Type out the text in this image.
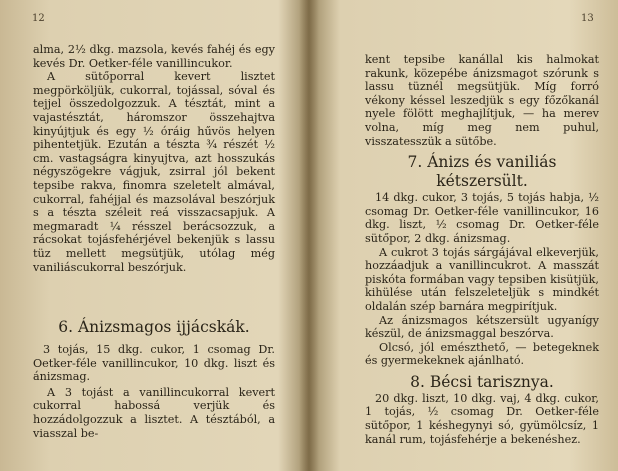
12

alma, 2½ dkg. mazsola, kevés fahéj és egy kevés Dr. Oetker-féle vanillincukor.

A sütőporral kevert lisztet megpörköljük, cukorral, tojással, sóval és tejjel összedolgozzuk. A tésztát, mint a vajastésztát, háromszor összehajtva kinyújtjuk és egy ½ óráig hűvös helyen pihentetjük. Ezután a tészta ¾ részét ½ cm. vastagságra kinyujtva, azt hosszukás négyszögekre vágjuk, zsirral jól bekent tepsibe rakva, finomra szeletelt almával, cukorral, fahéjjal és mazsolával beszórjuk s a tészta széleit reá visszacsapjuk. A megmaradt ¼ résszel berácsozzuk, a rácsokat tojásfehérjével bekenjük s lassu tüz mellett megsütjük, utólag még vaniliáscukorral beszórjuk.

6. Ánizsmagos ijjácskák.

3 tojás, 15 dkg. cukor, 1 csomag Dr. Oetker-féle vanillincukor, 10 dkg. liszt és ánizsmag.

A 3 tojást a vanillincukorral kevert cukorral habossá verjük és hozzádolgozzuk a lisztet. A tésztából, a viasszal be-

13

kent tepsibe kanállal kis halmokat rakunk, közepébe ánizsmagot szórunk s lassu tüznél megsütjük. Míg forró vékony késsel leszedjük s egy főzőkanál nyele fölött meghajlítjuk, — ha merev volna, míg meg nem puhul, visszatesszük a sütőbe.

7. Ánizs és vaniliás kétszersült.

14 dkg. cukor, 3 tojás, 5 tojás habja, ½ csomag Dr. Oetker-féle vanillincukor, 16 dkg. liszt, ½ csomag Dr. Oetker-féle sütőpor, 2 dkg. ánizsmag.

A cukrot 3 tojás sárgájával elkeverjük, hozzáadjuk a vanillincukrot. A masszát piskóta formában vagy tepsiben kisütjük, kihülése után felszeleteljük s mindkét oldalán szép barnára megpirítjuk.

Az ánizsmagos kétszersült ugyanígy készül, de ánizsmaggal beszórva.

Olcsó, jól emészthető, — betegeknek és gyermekeknek ajánlható.

8. Bécsi tarisznya.

20 dkg. liszt, 10 dkg. vaj, 4 dkg. cukor, 1 tojás, ½ csomag Dr. Oetker-féle sütőpor, 1 késhegynyi só, gyümölcsíz, 1 kanál rum, tojásfehérje a bekenéshez.
